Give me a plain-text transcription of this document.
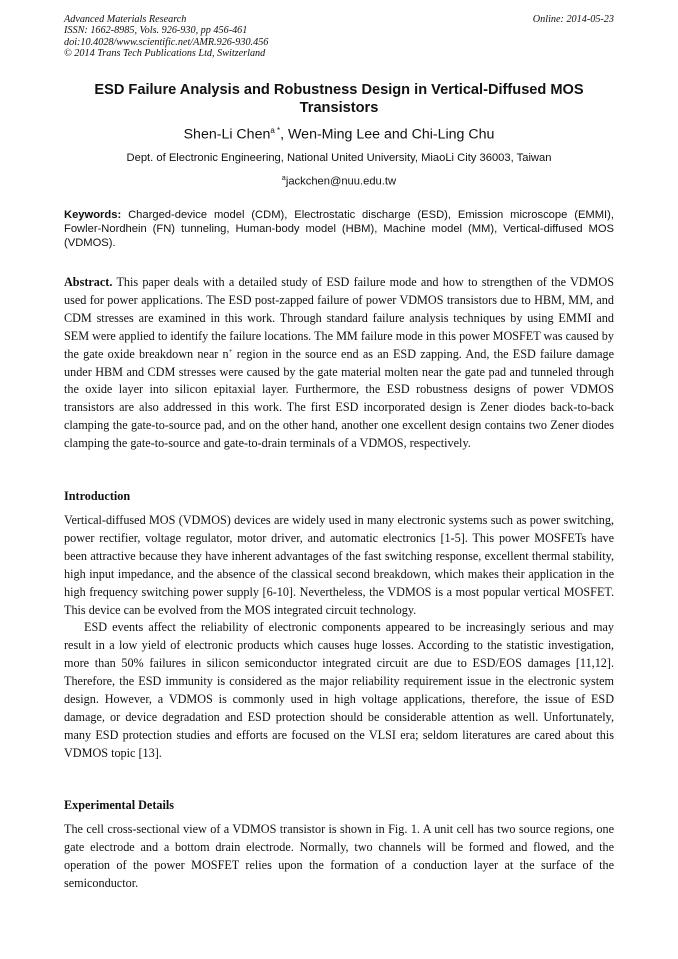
Advanced Materials Research
ISSN: 1662-8985, Vols. 926-930, pp 456-461
doi:10.4028/www.scientific.net/AMR.926-930.456
© 2014 Trans Tech Publications Ltd, Switzerland
Online: 2014-05-23
ESD Failure Analysis and Robustness Design in Vertical-Diffused MOS Transistors
Shen-Li Chen$^{a *}$, Wen-Ming Lee and Chi-Ling Chu
Dept. of Electronic Engineering, National United University, MiaoLi City 36003, Taiwan
$^a$jackchen@nuu.edu.tw
Keywords: Charged-device model (CDM), Electrostatic discharge (ESD), Emission microscope (EMMI), Fowler-Nordhein (FN) tunneling, Human-body model (HBM), Machine model (MM), Vertical-diffused MOS (VDMOS).
Abstract. This paper deals with a detailed study of ESD failure mode and how to strengthen of the VDMOS used for power applications. The ESD post-zapped failure of power VDMOS transistors due to HBM, MM, and CDM stresses are examined in this work. Through standard failure analysis techniques by using EMMI and SEM were applied to identify the failure locations. The MM failure mode in this power MOSFET was caused by the gate oxide breakdown near n+ region in the source end as an ESD zapping. And, the ESD failure damage under HBM and CDM stresses were caused by the gate material molten near the gate pad and tunneled through the oxide layer into silicon epitaxial layer. Furthermore, the ESD robustness designs of power VDMOS transistors are also addressed in this work. The first ESD incorporated design is Zener diodes back-to-back clamping the gate-to-source pad, and on the other hand, another one excellent design contains two Zener diodes clamping the gate-to-source and gate-to-drain terminals of a VDMOS, respectively.
Introduction

Vertical-diffused MOS (VDMOS) devices are widely used in many electronic systems such as power switching, power rectifier, voltage regulator, motor driver, and automatic electronics [1-5]. This power MOSFETs have been attractive because they have inherent advantages of the fast switching response, excellent thermal stability, high input impedance, and the absence of the classical second breakdown, which makes their application in the high frequency switching power supply [6-10]. Nevertheless, the VDMOS is a most popular vertical MOSFET. This device can be evolved from the MOS integrated circuit technology.

ESD events affect the reliability of electronic components appeared to be increasingly serious and may result in a low yield of electronic products which causes huge losses. According to the statistic investigation, more than 50% failures in silicon semiconductor integrated circuit are due to ESD/EOS damages [11,12]. Therefore, the ESD immunity is considered as the major reliability requirement issue in the electronic system design. However, a VDMOS is commonly used in high voltage applications, therefore, the issue of ESD damage, or device degradation and ESD protection should be considerable attention as well. Unfortunately, many ESD protection studies and efforts are focused on the VLSI era; seldom literatures are cared about this VDMOS topic [13].

Experimental Details

The cell cross-sectional view of a VDMOS transistor is shown in Fig. 1. A unit cell has two source regions, one gate electrode and a bottom drain electrode. Normally, two channels will be formed and flowed, and the operation of the power MOSFET relies upon the formation of a conduction layer at the surface of the semiconductor.
